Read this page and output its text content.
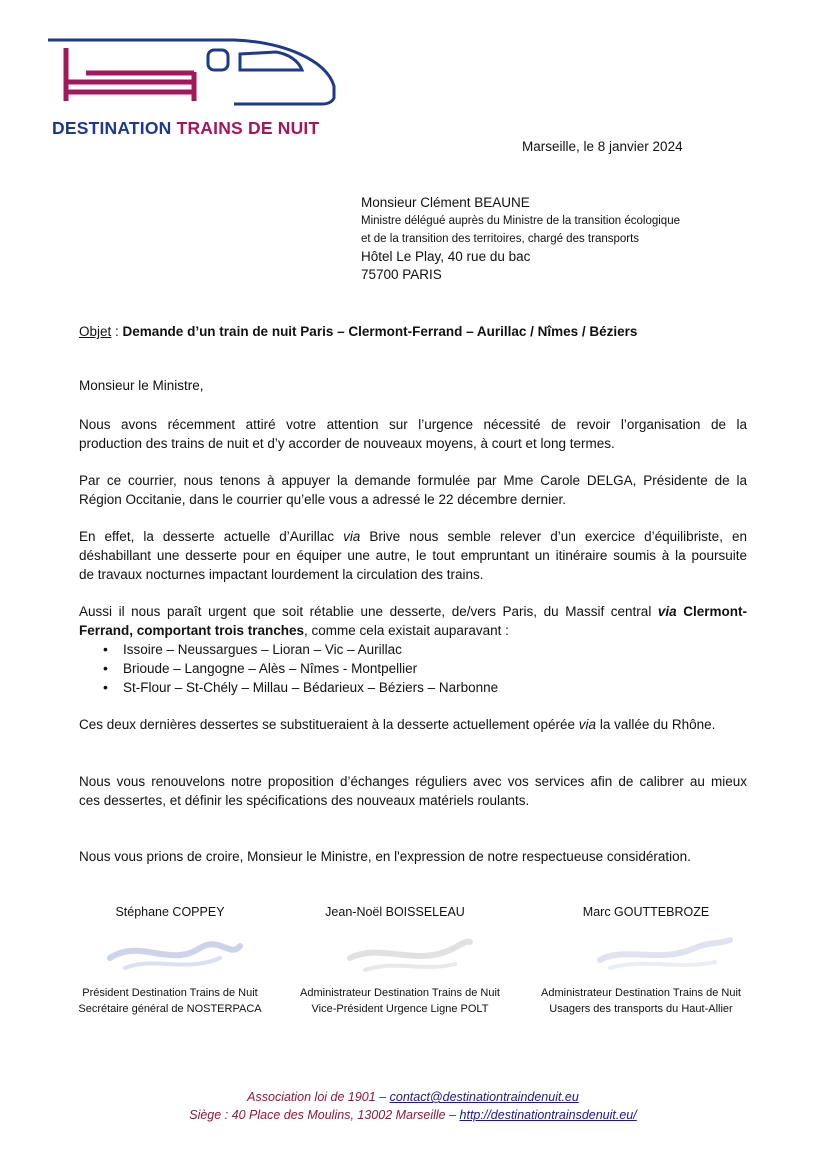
DESTINATION TRAINS DE NUIT
Marseille, le 8 janvier 2024
Monsieur Clément BEAUNE
Ministre délégué auprès du Ministre de la transition écologique
et de la transition des territoires, chargé des transports
Hôtel Le Play, 40 rue du bac
75700 PARIS
Objet : Demande d’un train de nuit Paris – Clermont-Ferrand – Aurillac / Nîmes / Béziers
Monsieur le Ministre,
Nous avons récemment attiré votre attention sur l’urgence nécessité de revoir l’organisation de la
production des trains de nuit et d’y accorder de nouveaux moyens, à court et long termes.
Par ce courrier, nous tenons à appuyer la demande formulée par Mme Carole DELGA, Présidente de la
Région Occitanie, dans le courrier qu’elle vous a adressé le 22 décembre dernier.
En effet, la desserte actuelle d’Aurillac via Brive nous semble relever d’un exercice d’équilibriste, en
déshabillant une desserte pour en équiper une autre, le tout empruntant un itinéraire soumis à la poursuite
de travaux nocturnes impactant lourdement la circulation des trains.
Aussi il nous paraît urgent que soit rétablie une desserte, de/vers Paris, du Massif central via Clermont-
Ferrand, comportant trois tranches, comme cela existait auparavant :
• Issoire – Neussargues – Lioran – Vic – Aurillac
• Brioude – Langogne – Alès – Nîmes - Montpellier
• St-Flour – St-Chély – Millau – Bédarieux – Béziers – Narbonne
Ces deux dernières dessertes se substitueraient à la desserte actuellement opérée via la vallée du Rhône.
Nous vous renouvelons notre proposition d’échanges réguliers avec vos services afin de calibrer au mieux
ces dessertes, et définir les spécifications des nouveaux matériels roulants.
Nous vous prions de croire, Monsieur le Ministre, en l'expression de notre respectueuse considération.
Stéphane COPPEY	Jean-Noël BOISSELEAU	Marc GOUTTEBROZE
Président Destination Trains de Nuit
Secrétaire général de NOSTERPACA
Administrateur Destination Trains de Nuit
Vice-Président Urgence Ligne POLT
Administrateur Destination Trains de Nuit
Usagers des transports du Haut-Allier
Association loi de 1901 – contact@destinationtraindenuit.eu
Siège : 40 Place des Moulins, 13002 Marseille – http://destinationtrainsdenuit.eu/
